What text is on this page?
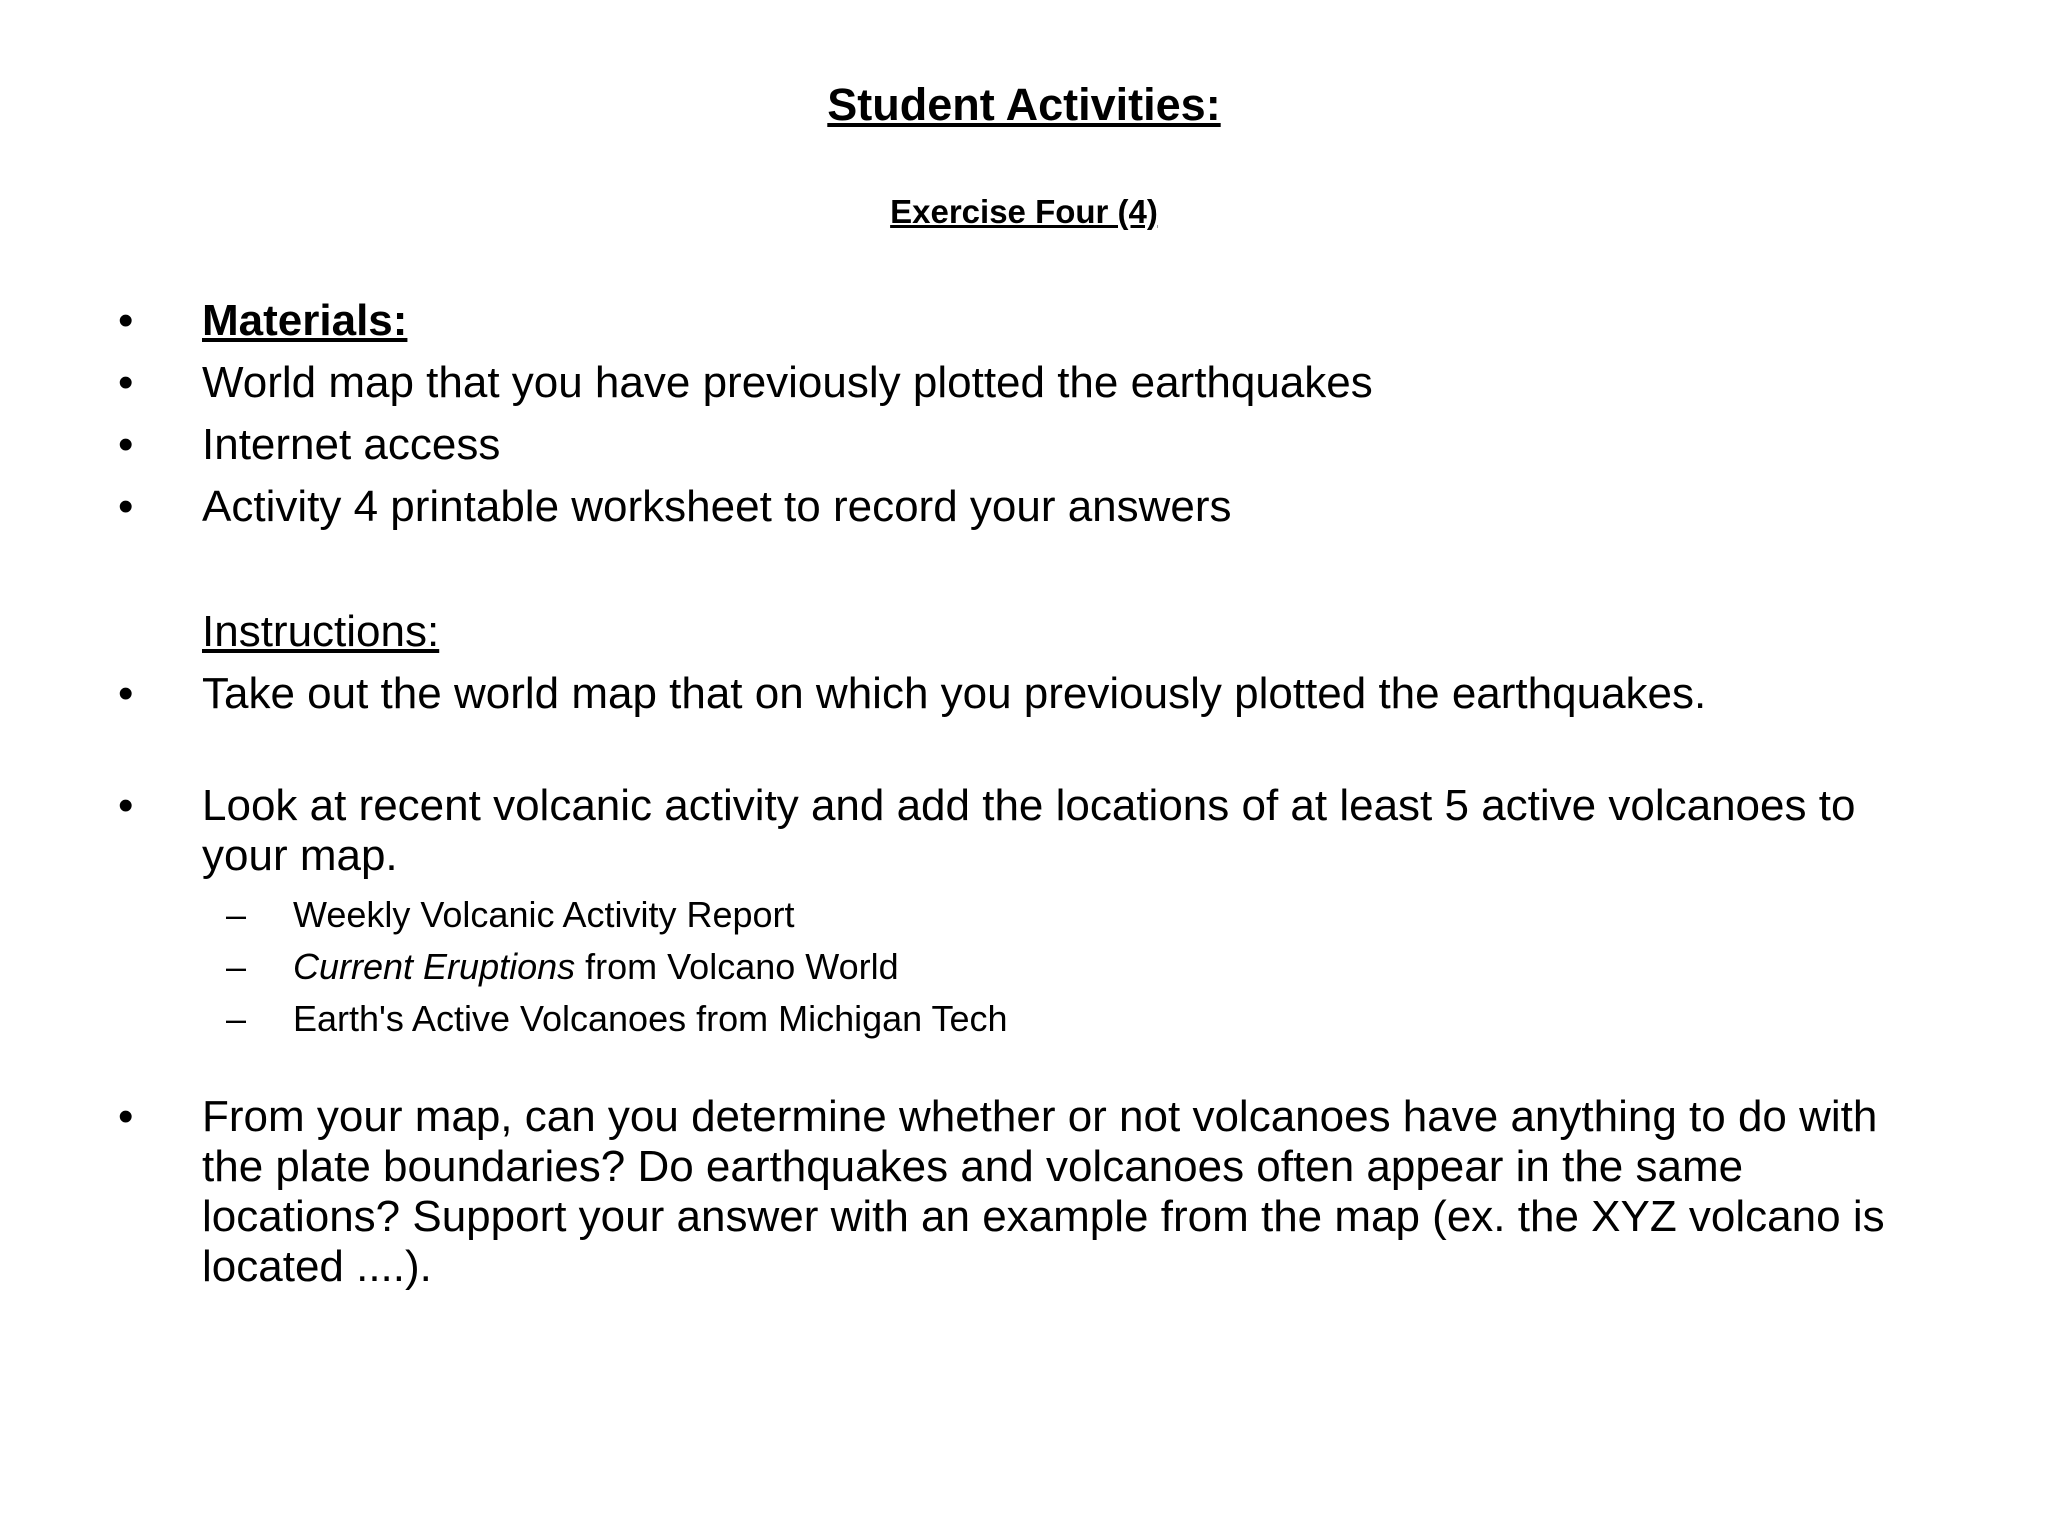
Student Activities:
Exercise Four (4)
• Materials:
• World map that you have previously plotted the earthquakes
• Internet access
• Activity 4 printable worksheet to record your answers
Instructions:
• Take out the world map that on which you previously plotted the earthquakes.
• Look at recent volcanic activity and add the locations of at least 5 active volcanoes to your map.
– Weekly Volcanic Activity Report
– Current Eruptions from Volcano World
– Earth's Active Volcanoes from Michigan Tech
• From your map, can you determine whether or not volcanoes have anything to do with the plate boundaries? Do earthquakes and volcanoes often appear in the same locations? Support your answer with an example from the map (ex. the XYZ volcano is located ....).
